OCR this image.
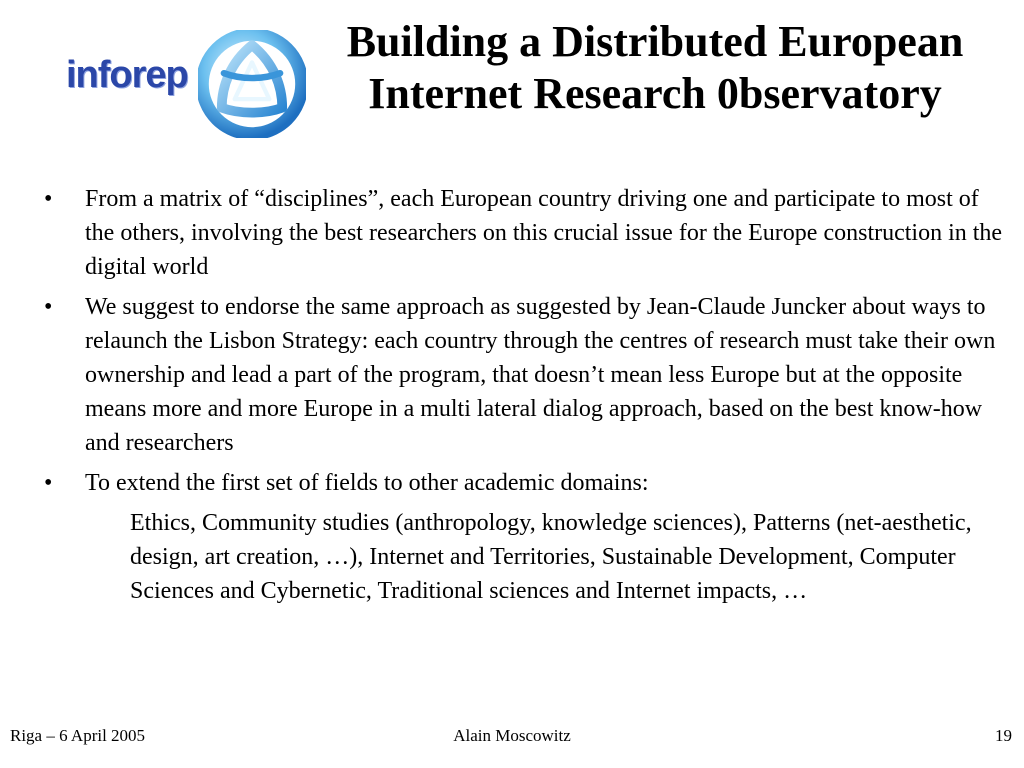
inforep
Building a Distributed European
Internet Research 0bservatory
• From a matrix of “disciplines”, each European country driving one and participate to most of the others, involving the best researchers on this crucial issue for the Europe construction in the digital world
• We suggest to endorse the same approach as suggested by Jean-Claude Juncker about ways to relaunch the Lisbon Strategy: each country through the centres of research must take their own ownership and lead a part of the program, that doesn’t mean less Europe but at the opposite means more and more Europe in a multi lateral dialog approach, based on the best know-how and researchers
• To extend the first set of fields to other academic domains:

Ethics, Community studies (anthropology, knowledge sciences), Patterns (net-aesthetic, design, art creation, …), Internet and Territories, Sustainable Development, Computer Sciences and Cybernetic, Traditional sciences and Internet impacts, …

Riga – 6 April 2005	Alain Moscowitz	19
